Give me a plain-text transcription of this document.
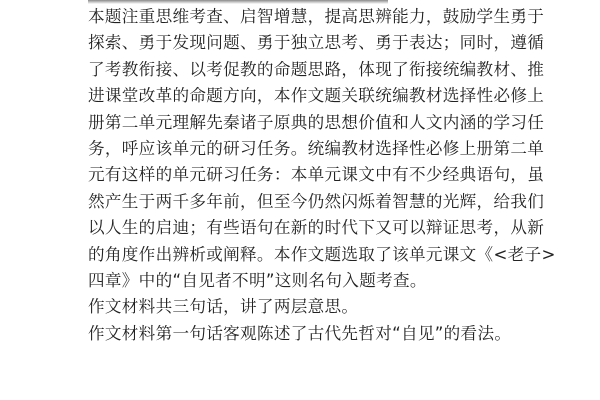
本题注重思维考查、启智增慧，提高思辨能力，鼓励学生勇于
探索、勇于发现问题、勇于独立思考、勇于表达；同时，遵循
了考教衔接、以考促教的命题思路，体现了衔接统编教材、推
进课堂改革的命题方向，本作文题关联统编教材选择性必修上
册第二单元理解先秦诸子原典的思想价值和人文内涵的学习任
务，呼应该单元的研习任务。统编教材选择性必修上册第二单
元有这样的单元研习任务：本单元课文中有不少经典语句，虽
然产生于两千多年前，但至今仍然闪烁着智慧的光辉，给我们
以人生的启迪；有些语句在新的时代下又可以辩证思考，从新
的角度作出辨析或阐释。本作文题选取了该单元课文《<老子>
四章》中的“自见者不明”这则名句入题考查。
作文材料共三句话，讲了两层意思。
作文材料第一句话客观陈述了古代先哲对“自见”的看法。
